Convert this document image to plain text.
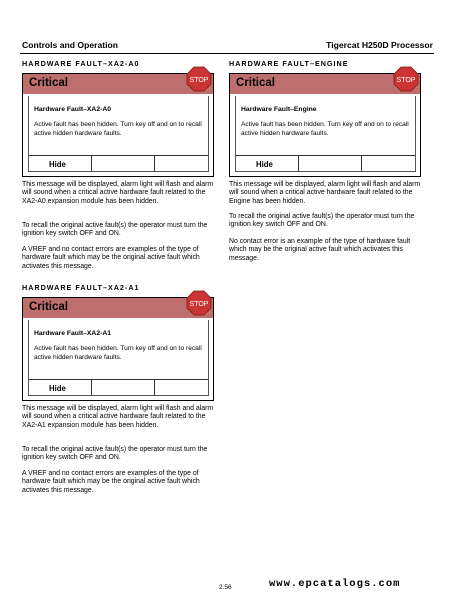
Controls and Operation	Tigercat H250D Processor
HARDWARE FAULT–XA2-A0
Critical	STOP
Hardware Fault–XA2-A0
Active fault has been hidden. Turn key off and on to recall active hidden hardware faults.
Hide

This message will be displayed, alarm light will flash and alarm will sound when a critical active hardware fault related to the XA2-A0 expansion module has been hidden.

To recall the original active fault(s) the operator must turn the ignition key switch OFF and ON.

A VREF and no contact errors are examples of the type of hardware fault which may be the original active fault which activates this message.

HARDWARE FAULT–XA2-A1
Critical	STOP
Hardware Fault–XA2-A1
Active fault has been hidden. Turn key off and on to recall active hidden hardware faults.
Hide

This message will be displayed, alarm light will flash and alarm will sound when a critical active hardware fault related to the XA2-A1 expansion module has been hidden.

To recall the original active fault(s) the operator must turn the ignition key switch OFF and ON.

A VREF and no contact errors are examples of the type of hardware fault which may be the original active fault which activates this message.

HARDWARE FAULT–ENGINE
Critical	STOP
Hardware Fault–Engine
Active fault has been hidden. Turn key off and on to recall active hidden hardware faults.
Hide

This message will be displayed, alarm light will flash and alarm will sound when a critical active hardware fault related to the Engine has been hidden.

To recall the original active fault(s) the operator must turn the ignition key switch OFF and ON.

No contact error is an example of the type of hardware fault which may be the original active fault which activates this message.

2.56	www.epcatalogs.com
